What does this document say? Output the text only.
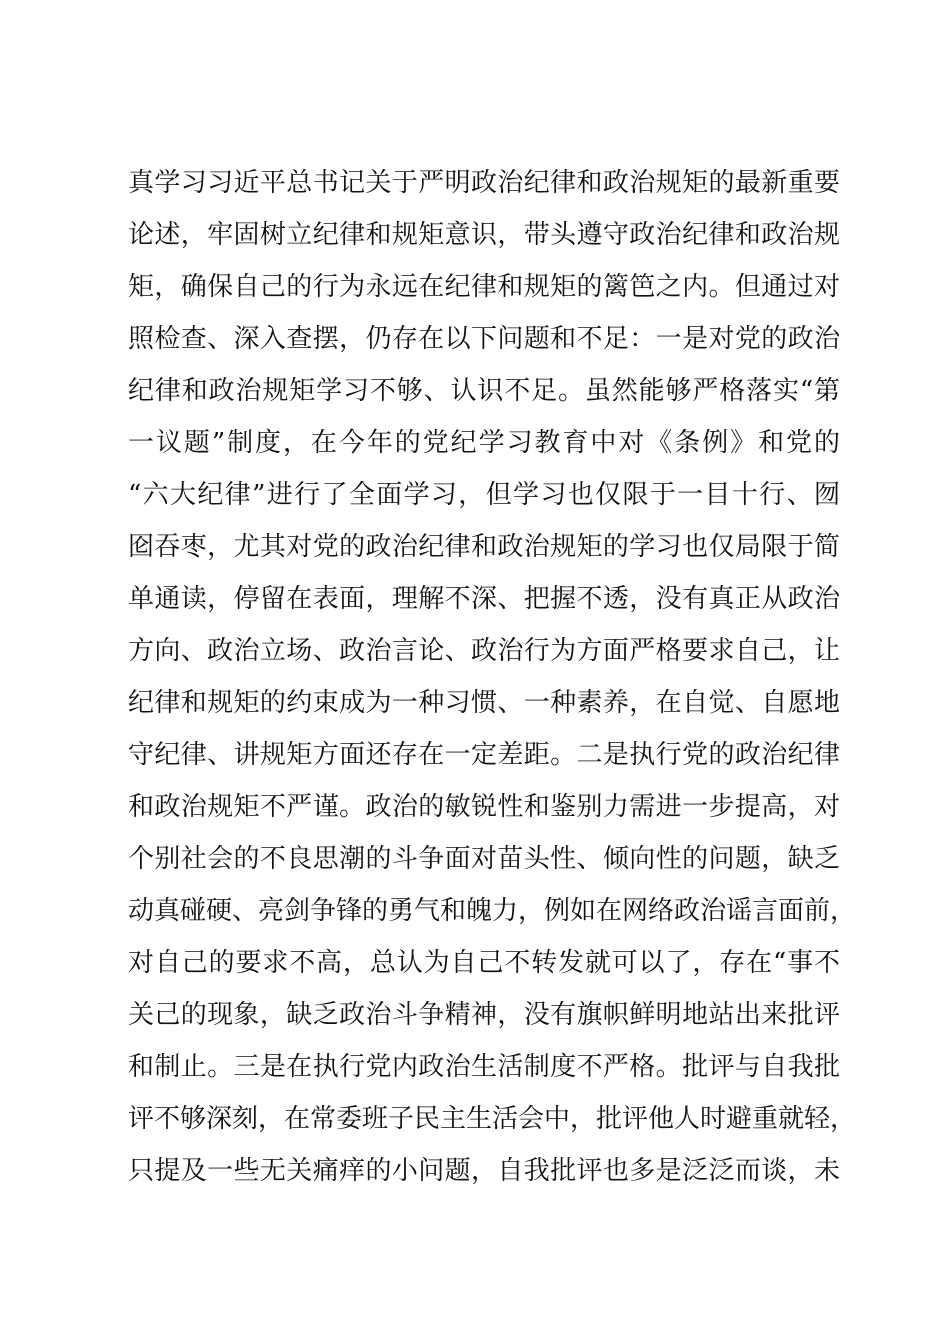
真学习习近平总书记关于严明政治纪律和政治规矩的最新重要
论述，牢固树立纪律和规矩意识，带头遵守政治纪律和政治规
矩，确保自己的行为永远在纪律和规矩的篱笆之内。但通过对
照检查、深入查摆，仍存在以下问题和不足：一是对党的政治
纪律和政治规矩学习不够、认识不足。虽然能够严格落实“第
一议题”制度，在今年的党纪学习教育中对《条例》和党的
“六大纪律”进行了全面学习，但学习也仅限于一目十行、囫
囵吞枣，尤其对党的政治纪律和政治规矩的学习也仅局限于简
单通读，停留在表面，理解不深、把握不透，没有真正从政治
方向、政治立场、政治言论、政治行为方面严格要求自己，让
纪律和规矩的约束成为一种习惯、一种素养，在自觉、自愿地
守纪律、讲规矩方面还存在一定差距。二是执行党的政治纪律
和政治规矩不严谨。政治的敏锐性和鉴别力需进一步提高，对
个别社会的不良思潮的斗争面对苗头性、倾向性的问题，缺乏
动真碰硬、亮剑争锋的勇气和魄力，例如在网络政治谣言面前，
对自己的要求不高，总认为自己不转发就可以了，存在“事不
关己的现象，缺乏政治斗争精神，没有旗帜鲜明地站出来批评
和制止。三是在执行党内政治生活制度不严格。批评与自我批
评不够深刻，在常委班子民主生活会中，批评他人时避重就轻，
只提及一些无关痛痒的小问题，自我批评也多是泛泛而谈，未
